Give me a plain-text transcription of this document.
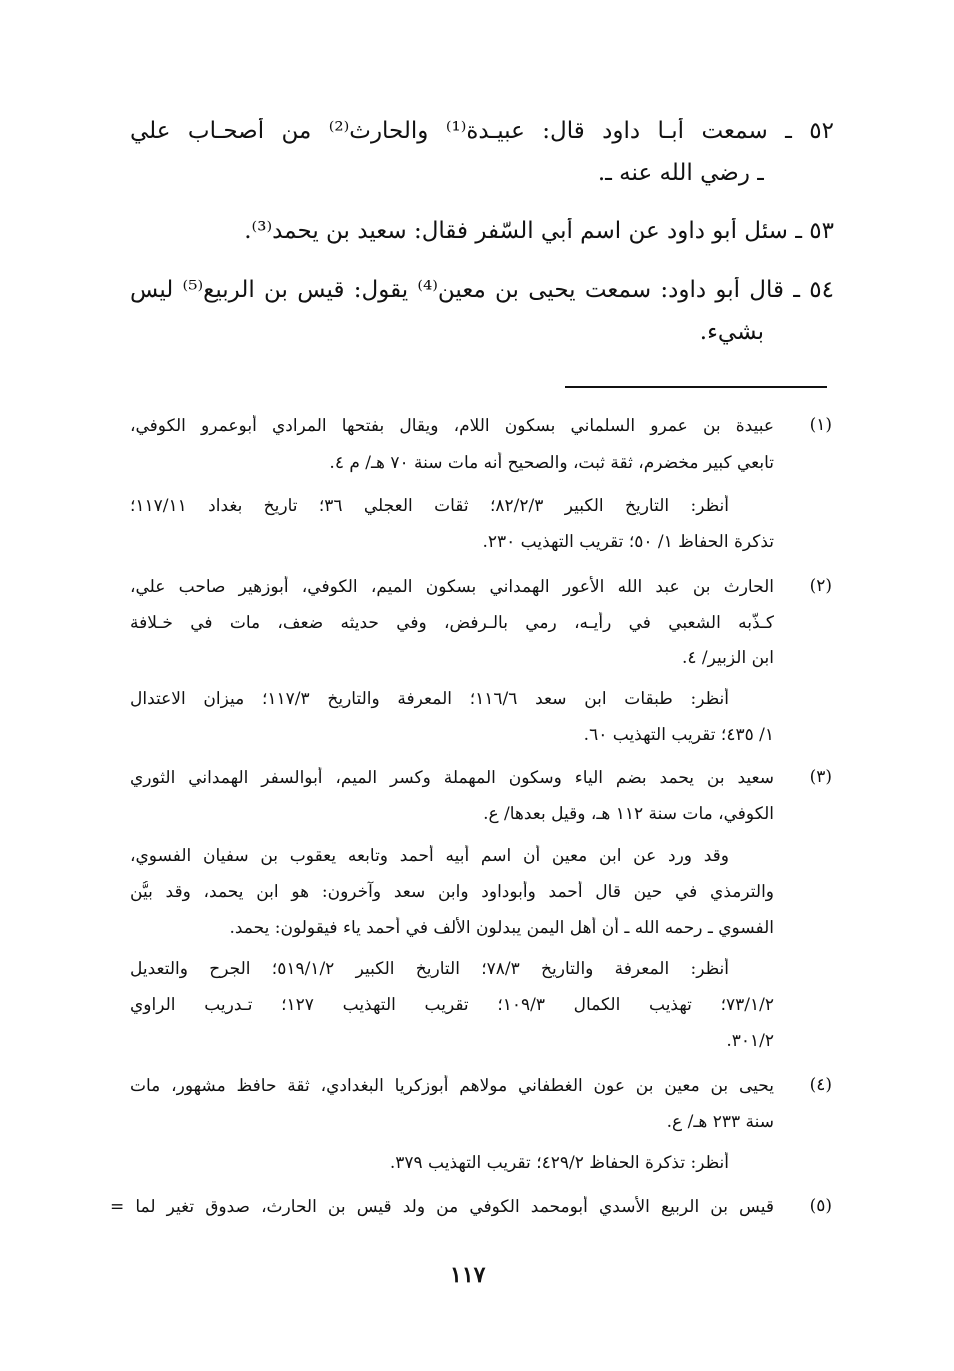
٥٢ ـ سمعت أبـا داود قال: عبيـدة⁽¹⁾ والحارث⁽²⁾ من أصحـاب علي
ـ رضي الله عنه ـ.
٥٣ ـ سئل أبو داود عن اسم أبي السّفر فقال: سعيد بن يحمد⁽³⁾.
٥٤ ـ قال أبو داود: سمعت يحيى بن معين⁽⁴⁾ يقول: قيس بن الربيع⁽⁵⁾ ليس
بشيء.
(١)
عبيدة بن عمرو السلماني بسكون اللام، ويقال بفتحها المرادي أبوعمرو الكوفي،
تابعي كبير مخضرم، ثقة ثبت، والصحيح أنه مات سنة ٧٠ هـ/ م ٤.
أنظر: التاريخ الكبير ٨٢/٢/٣؛ ثقات العجلي ٣٦؛ تاريخ بغداد ١١٧/١١؛
تذكرة الحفاظ ١/ ٥٠؛ تقريب التهذيب ٢٣٠.
(٢)
الحارث بن عبد الله الأعور الهمداني بسكون الميم، الكوفي، أبوزهير صاحب علي،
كـذّبه الشعبي في رأيـه، رمي بالـرفض، وفي حديثه ضعف، مات في خـلافة
ابن الزبير/ ٤.
أنظر: طبقات ابن سعد ١١٦/٦؛ المعرفة والتاريخ ١١٧/٣؛ ميزان الاعتدال
١/ ٤٣٥؛ تقريب التهذيب ٦٠.
(٣)
سعيد بن يحمد بضم الياء وسكون المهملة وكسر الميم، أبوالسفر الهمداني الثوري
الكوفي، مات سنة ١١٢ هـ، وقيل بعدها/ ع.
وقد ورد عن ابن معين أن اسم أبيه أحمد وتابعه يعقوب بن سفيان الفسوي،
والترمذي في حين قال أحمد وأبوداود وابن سعد وآخرون: هو ابن يحمد، وقد بيُّن
الفسوي ـ رحمه الله ـ أن أهل اليمن يبدلون الألف في أحمد ياء فيقولون: يحمد.
أنظر: المعرفة والتاريخ ٧٨/٣؛ التاريخ الكبير ٥١٩/١/٢؛ الجرح والتعديل
٧٣/١/٢؛ تهذيب الكمال ١٠٩/٣؛ تقريب التهذيب ١٢٧؛ تـدريب الراوي
٣٠١/٢.
(٤)
يحيى بن معين بن عون الغطفاني مولاهم أبوزكريا البغدادي، ثقة حافظ مشهور، مات
سنة ٢٣٣ هـ/ ع.
أنظر: تذكرة الحفاظ ٤٢٩/٢؛ تقريب التهذيب ٣٧٩.
(٥)
قيس بن الربيع الأسدي أبومحمد الكوفي من ولد قيس بن الحارث، صدوق تغير لما =
١١٧
